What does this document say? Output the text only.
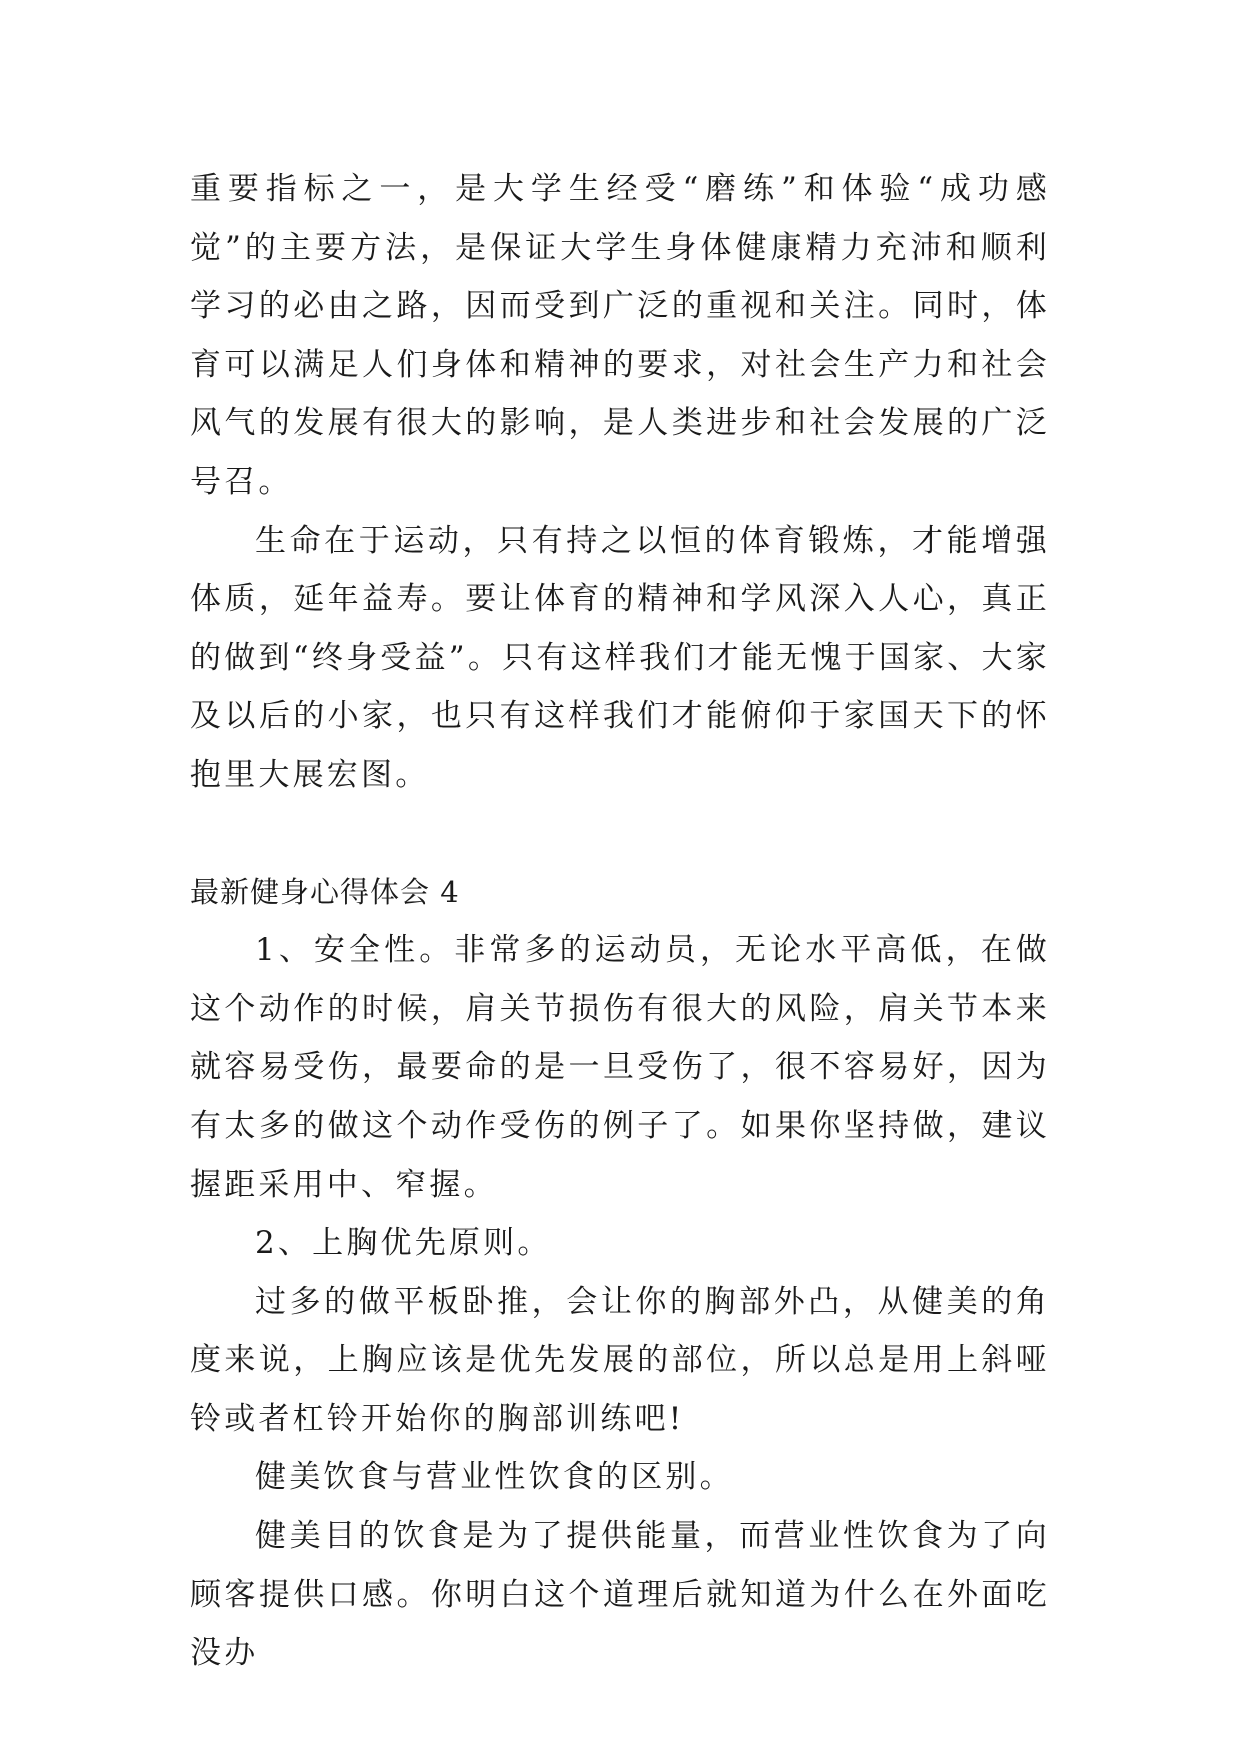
重要指标之一，是大学生经受“磨练”和体验“成功感觉”的主要方法，是保证大学生身体健康精力充沛和顺利学习的必由之路，因而受到广泛的重视和关注。同时，体育可以满足人们身体和精神的要求，对社会生产力和社会风气的发展有很大的影响，是人类进步和社会发展的广泛号召。

生命在于运动，只有持之以恒的体育锻炼，才能增强体质，延年益寿。要让体育的精神和学风深入人心，真正的做到“终身受益”。只有这样我们才能无愧于国家、大家及以后的小家，也只有这样我们才能俯仰于家国天下的怀抱里大展宏图。

最新健身心得体会 4

1、安全性。非常多的运动员，无论水平高低，在做这个动作的时候，肩关节损伤有很大的风险，肩关节本来就容易受伤，最要命的是一旦受伤了，很不容易好，因为有太多的做这个动作受伤的例子了。如果你坚持做，建议握距采用中、窄握。

2、上胸优先原则。

过多的做平板卧推，会让你的胸部外凸，从健美的角度来说，上胸应该是优先发展的部位，所以总是用上斜哑铃或者杠铃开始你的胸部训练吧!

健美饮食与营业性饮食的区别。

健美目的饮食是为了提供能量，而营业性饮食为了向顾客提供口感。你明白这个道理后就知道为什么在外面吃没办
